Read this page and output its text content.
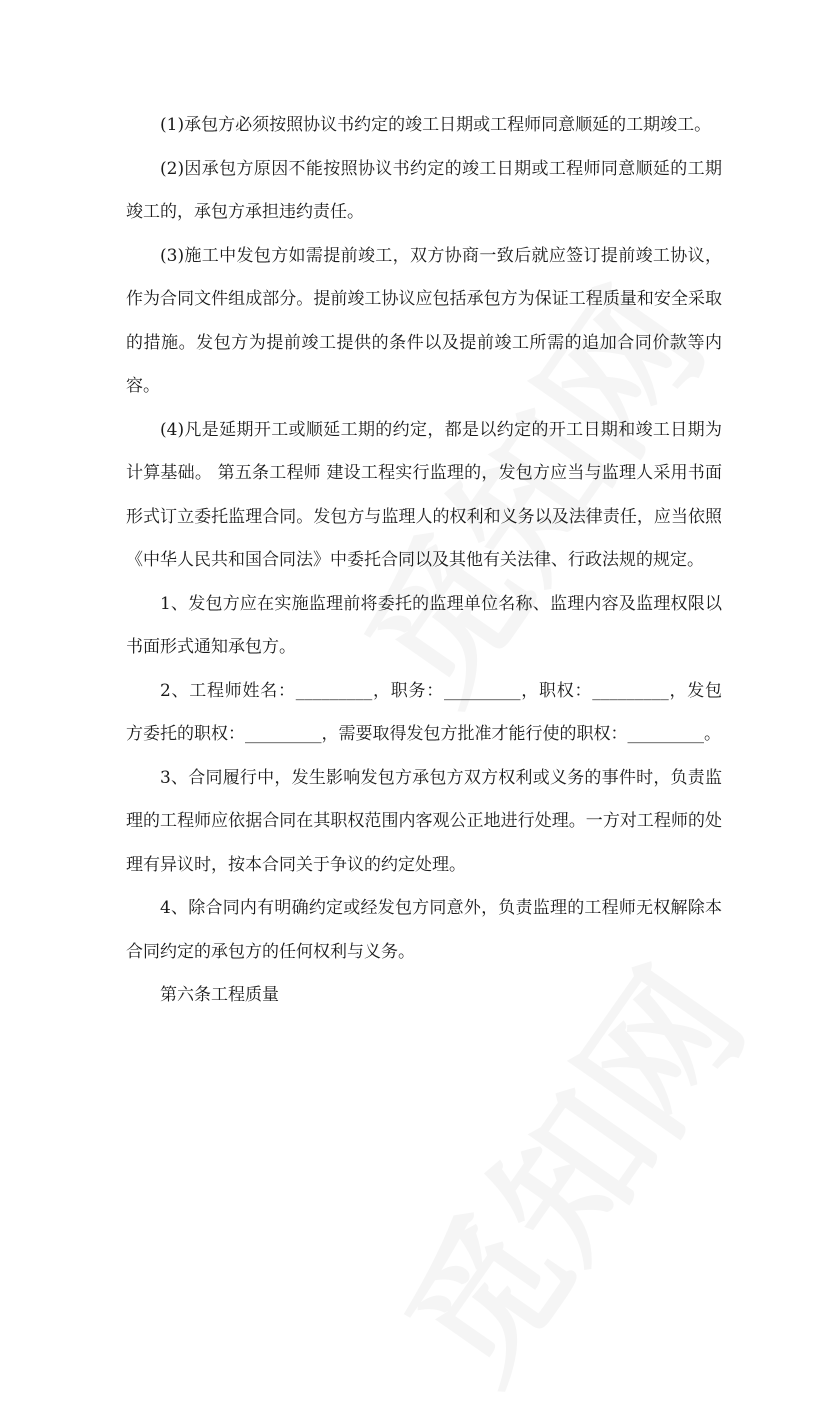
(1)承包方必须按照协议书约定的竣工日期或工程师同意顺延的工期竣工。

(2)因承包方原因不能按照协议书约定的竣工日期或工程师同意顺延的工期竣工的，承包方承担违约责任。

(3)施工中发包方如需提前竣工，双方协商一致后就应签订提前竣工协议，作为合同文件组成部分。提前竣工协议应包括承包方为保证工程质量和安全采取的措施。发包方为提前竣工提供的条件以及提前竣工所需的追加合同价款等内容。

(4)凡是延期开工或顺延工期的约定，都是以约定的开工日期和竣工日期为计算基础。 第五条工程师 建设工程实行监理的，发包方应当与监理人采用书面形式订立委托监理合同。发包方与监理人的权利和义务以及法律责任，应当依照《中华人民共和国合同法》中委托合同以及其他有关法律、行政法规的规定。

1、发包方应在实施监理前将委托的监理单位名称、监理内容及监理权限以书面形式通知承包方。

2、工程师姓名：_________，职务：_________，职权：_________，发包方委托的职权：_________，需要取得发包方批准才能行使的职权：_________。

3、合同履行中，发生影响发包方承包方双方权利或义务的事件时，负责监理的工程师应依据合同在其职权范围内客观公正地进行处理。一方对工程师的处理有异议时，按本合同关于争议的约定处理。

4、除合同内有明确约定或经发包方同意外，负责监理的工程师无权解除本合同约定的承包方的任何权利与义务。

第六条工程质量
